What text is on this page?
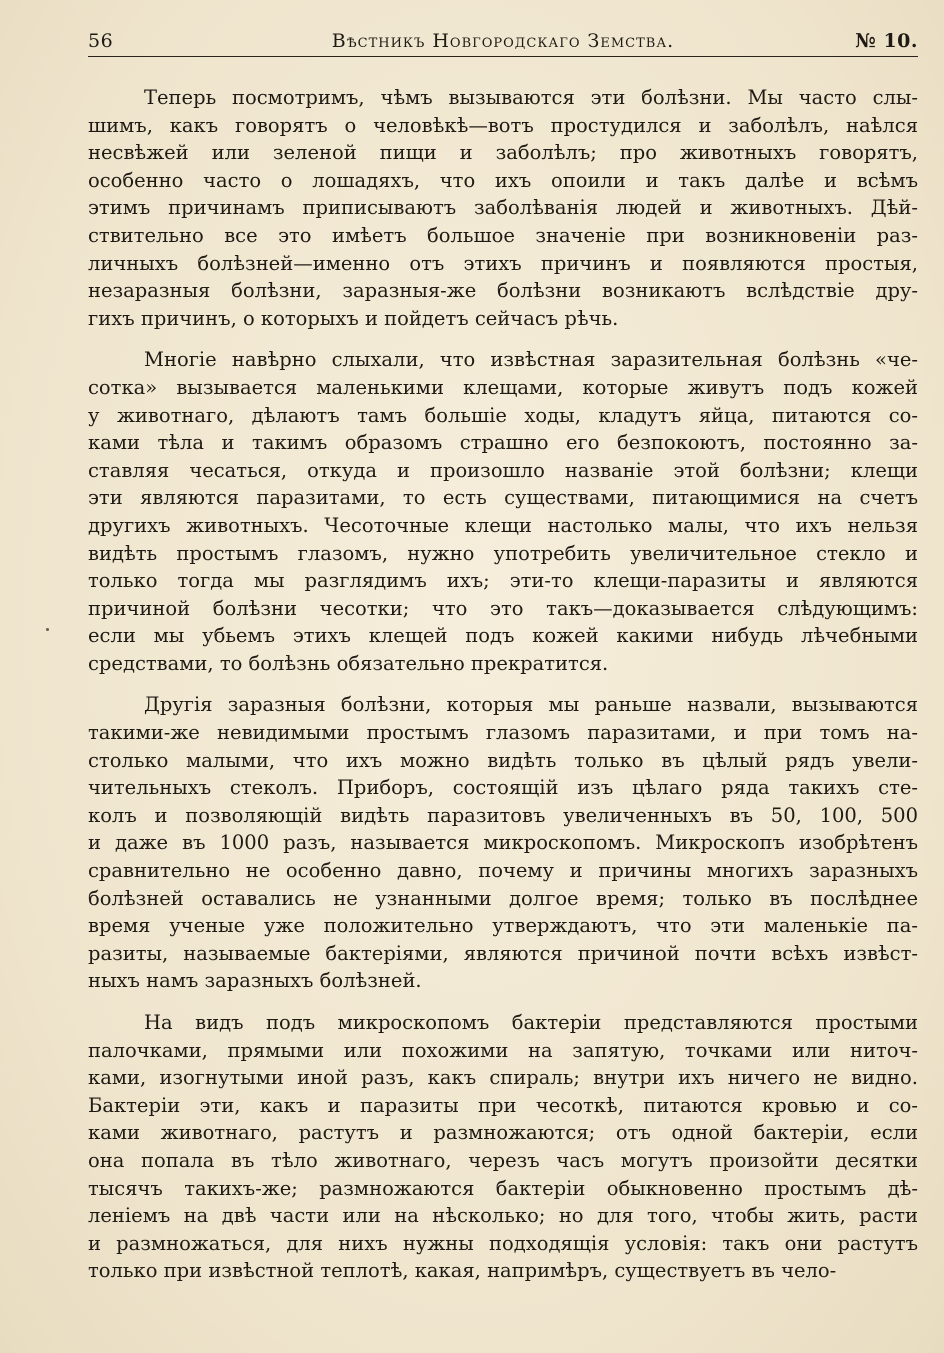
56	Вѣстникъ Новгородскаго Земства.	№ 10.
Теперь посмотримъ, чѣмъ вызываются эти болѣзни. Мы часто слы-
шимъ, какъ говорятъ о человѣкѣ—вотъ простудился и заболѣлъ, наѣлся
несвѣжей или зеленой пищи и заболѣлъ; про животныхъ говорятъ,
особенно часто о лошадяхъ, что ихъ опоили и такъ далѣе и всѣмъ
этимъ причинамъ приписываютъ заболѣванія людей и животныхъ. Дѣй-
ствительно все это имѣетъ большое значеніе при возникновеніи раз-
личныхъ болѣзней—именно отъ этихъ причинъ и появляются простыя,
незаразныя болѣзни, заразныя-же болѣзни возникаютъ вслѣдствіе дру-
гихъ причинъ, о которыхъ и пойдетъ сейчасъ рѣчь.
Многіе навѣрно слыхали, что извѣстная заразительная болѣзнь «че-
сотка» вызывается маленькими клещами, которые живутъ подъ кожей
у животнаго, дѣлаютъ тамъ большіе ходы, кладутъ яйца, питаются со-
ками тѣла и такимъ образомъ страшно его безпокоютъ, постоянно за-
ставляя чесаться, откуда и произошло названіе этой болѣзни; клещи
эти являются паразитами, то есть существами, питающимися на счетъ
другихъ животныхъ. Чесоточные клещи настолько малы, что ихъ нельзя
видѣть простымъ глазомъ, нужно употребить увеличительное стекло и
только тогда мы разглядимъ ихъ; эти-то клещи-паразиты и являются
причиной болѣзни чесотки; что это такъ—доказывается слѣдующимъ:
если мы убьемъ этихъ клещей подъ кожей какими нибудь лѣчебными
средствами, то болѣзнь обязательно прекратится.
Другія заразныя болѣзни, которыя мы раньше назвали, вызываются
такими-же невидимыми простымъ глазомъ паразитами, и при томъ на-
столько малыми, что ихъ можно видѣть только въ цѣлый рядъ увели-
чительныхъ стеколъ. Приборъ, состоящій изъ цѣлаго ряда такихъ сте-
колъ и позволяющій видѣть паразитовъ увеличенныхъ въ 50, 100, 500
и даже въ 1000 разъ, называется микроскопомъ. Микроскопъ изобрѣтенъ
сравнительно не особенно давно, почему и причины многихъ заразныхъ
болѣзней оставались не узнанными долгое время; только въ послѣднее
время ученые уже положительно утверждаютъ, что эти маленькіе па-
разиты, называемые бактеріями, являются причиной почти всѣхъ извѣст-
ныхъ намъ заразныхъ болѣзней.
На видъ подъ микроскопомъ бактеріи представляются простыми
палочками, прямыми или похожими на запятую, точками или ниточ-
ками, изогнутыми иной разъ, какъ спираль; внутри ихъ ничего не видно.
Бактеріи эти, какъ и паразиты при чесоткѣ, питаются кровью и со-
ками животнаго, растутъ и размножаются; отъ одной бактеріи, если
она попала въ тѣло животнаго, черезъ часъ могутъ произойти десятки
тысячъ такихъ-же; размножаются бактеріи обыкновенно простымъ дѣ-
леніемъ на двѣ части или на нѣсколько; но для того, чтобы жить, расти
и размножаться, для нихъ нужны подходящія условія: такъ они растутъ
только при извѣстной теплотѣ, какая, напримѣръ, существуетъ въ чело-
